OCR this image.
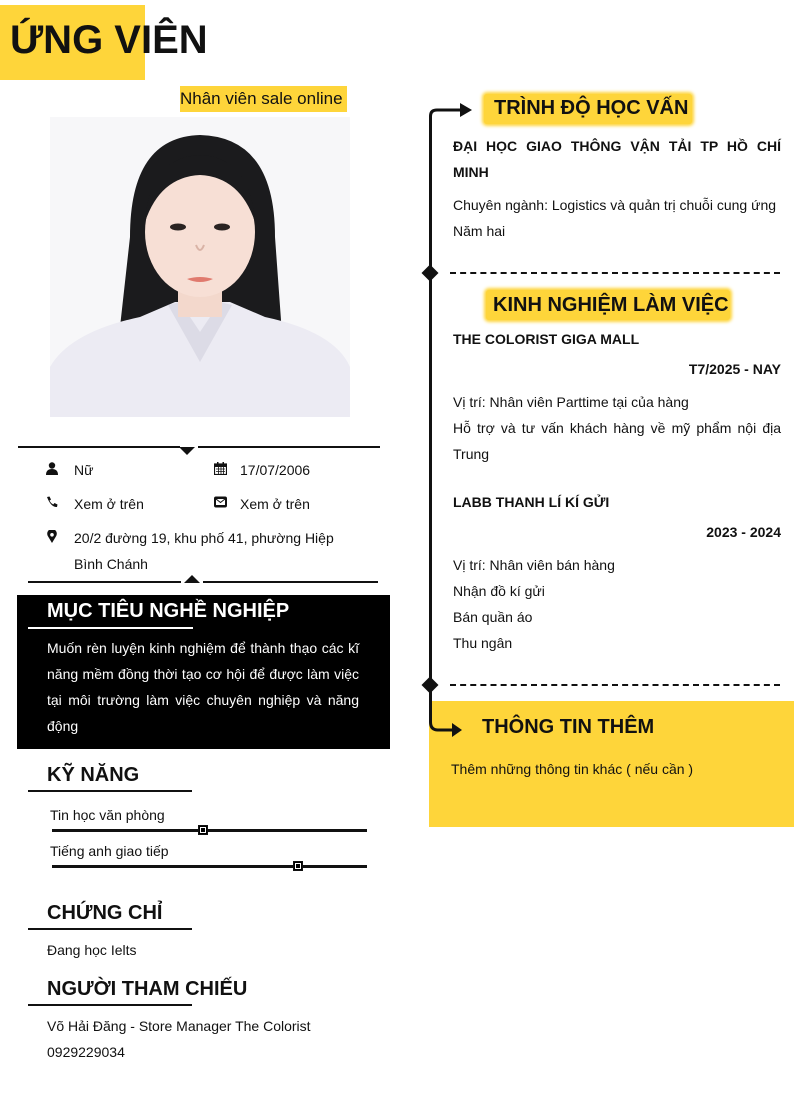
ỨNG VIÊN
Nhân viên sale online
Nữ	17/07/2006
Xem ở trên	Xem ở trên
20/2 đường 19, khu phố 41, phường Hiệp
Bình Chánh
MỤC TIÊU NGHỀ NGHIỆP
Muốn rèn luyện kinh nghiệm để thành thạo các kĩ năng mềm đồng thời tạo cơ hội để được làm việc tại môi trường làm việc chuyên nghiệp và năng động
KỸ NĂNG
Tin học văn phòng
Tiếng anh giao tiếp
CHỨNG CHỈ
Đang học Ielts
NGƯỜI THAM CHIẾU
Võ Hải Đăng - Store Manager The Colorist
0929229034
TRÌNH ĐỘ HỌC VẤN
ĐẠI HỌC GIAO THÔNG VẬN TẢI TP HỒ CHÍ
MINH
Chuyên ngành: Logistics và quản trị chuỗi cung ứng
Năm hai
KINH NGHIỆM LÀM VIỆC
THE COLORIST GIGA MALL
T7/2025 - NAY
Vị trí: Nhân viên Parttime tại của hàng
Hỗ trợ và tư vấn khách hàng về mỹ phẩm nội địa
Trung
LABB THANH LÍ KÍ GỬI
2023 - 2024
Vị trí: Nhân viên bán hàng
Nhận đồ kí gửi
Bán quần áo
Thu ngân
THÔNG TIN THÊM
Thêm những thông tin khác ( nếu cần )
